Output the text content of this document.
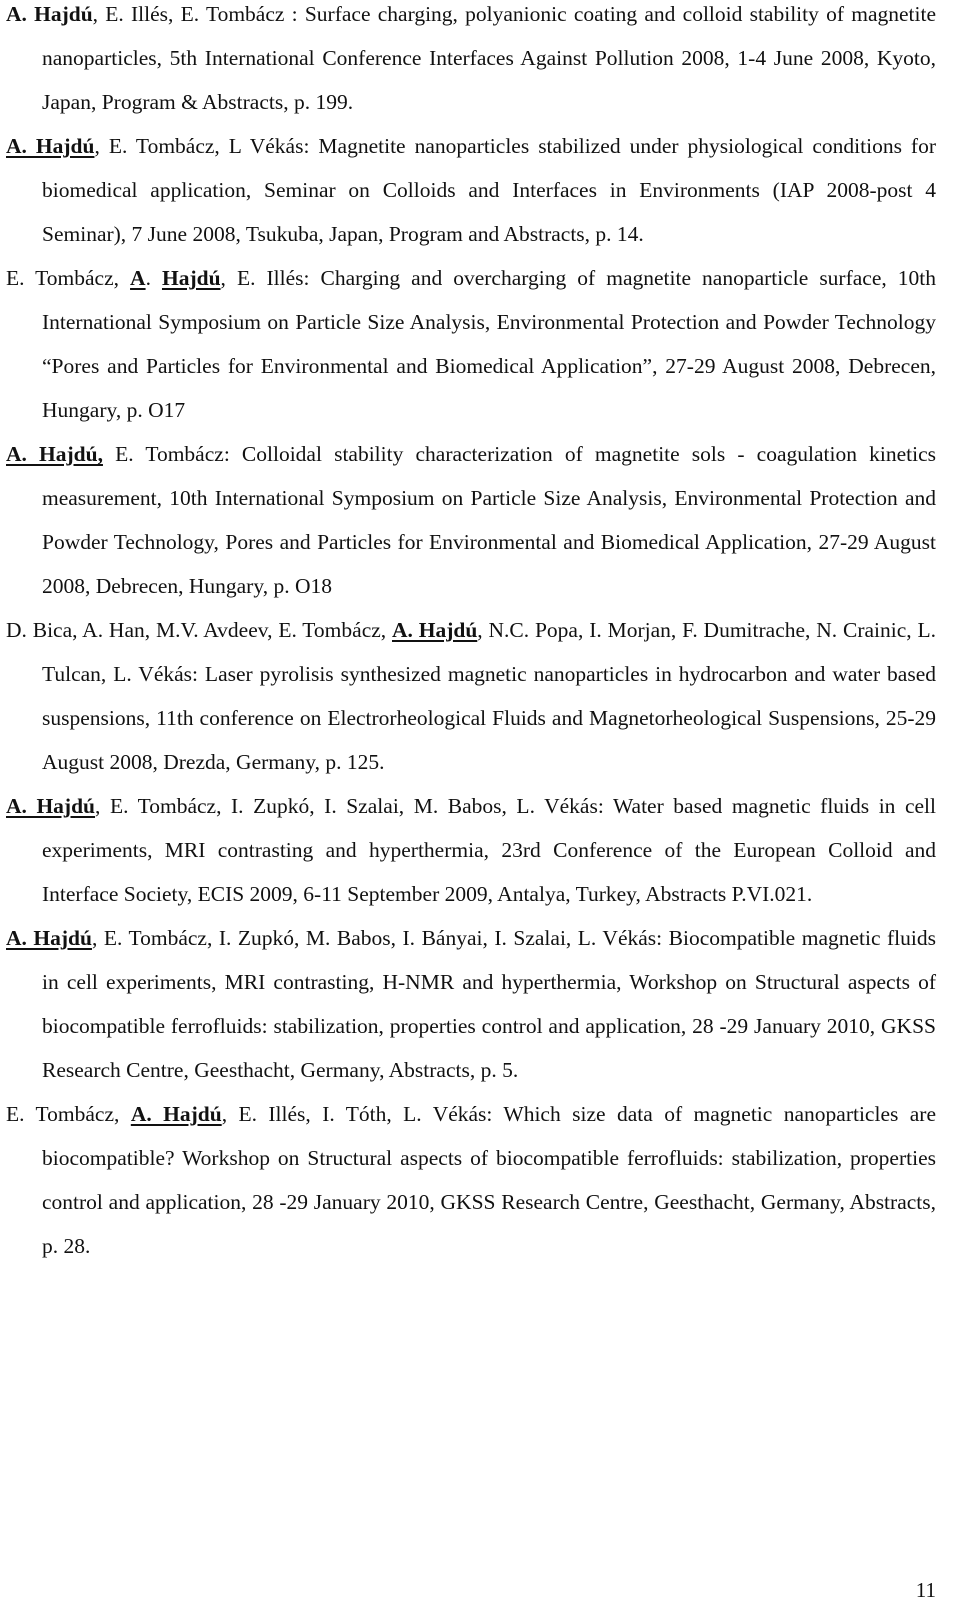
A. Hajdú, E. Illés, E. Tombácz : Surface charging, polyanionic coating and colloid stability of magnetite nanoparticles, 5th International Conference Interfaces Against Pollution 2008, 1-4 June 2008, Kyoto, Japan, Program & Abstracts, p. 199.

A. Hajdú, E. Tombácz, L Vékás: Magnetite nanoparticles stabilized under physiological conditions for biomedical application, Seminar on Colloids and Interfaces in Environments (IAP 2008-post 4 Seminar), 7 June 2008, Tsukuba, Japan, Program and Abstracts, p. 14.

E. Tombácz, A. Hajdú, E. Illés: Charging and overcharging of magnetite nanoparticle surface, 10th International Symposium on Particle Size Analysis, Environmental Protection and Powder Technology “Pores and Particles for Environmental and Biomedical Application”, 27-29 August 2008, Debrecen, Hungary, p. O17

A. Hajdú, E. Tombácz: Colloidal stability characterization of magnetite sols - coagulation kinetics measurement, 10th International Symposium on Particle Size Analysis, Environmental Protection and Powder Technology, Pores and Particles for Environmental and Biomedical Application, 27-29 August 2008, Debrecen, Hungary, p. O18

D. Bica, A. Han, M.V. Avdeev, E. Tombácz, A. Hajdú, N.C. Popa, I. Morjan, F. Dumitrache, N. Crainic, L. Tulcan, L. Vékás: Laser pyrolisis synthesized magnetic nanoparticles in hydrocarbon and water based suspensions, 11th conference on Electrorheological Fluids and Magnetorheological Suspensions, 25-29 August 2008, Drezda, Germany, p. 125.

A. Hajdú, E. Tombácz, I. Zupkó, I. Szalai, M. Babos, L. Vékás: Water based magnetic fluids in cell experiments, MRI contrasting and hyperthermia, 23rd Conference of the European Colloid and Interface Society, ECIS 2009, 6-11 September 2009, Antalya, Turkey, Abstracts P.VI.021.

A. Hajdú, E. Tombácz, I. Zupkó, M. Babos, I. Bányai, I. Szalai, L. Vékás: Biocompatible magnetic fluids in cell experiments, MRI contrasting, H-NMR and hyperthermia, Workshop on Structural aspects of biocompatible ferrofluids: stabilization, properties control and application, 28 -29 January 2010, GKSS Research Centre, Geesthacht, Germany, Abstracts, p. 5.

E. Tombácz, A. Hajdú, E. Illés, I. Tóth, L. Vékás: Which size data of magnetic nanoparticles are biocompatible? Workshop on Structural aspects of biocompatible ferrofluids: stabilization, properties control and application, 28 -29 January 2010, GKSS Research Centre, Geesthacht, Germany, Abstracts, p. 28.

11
